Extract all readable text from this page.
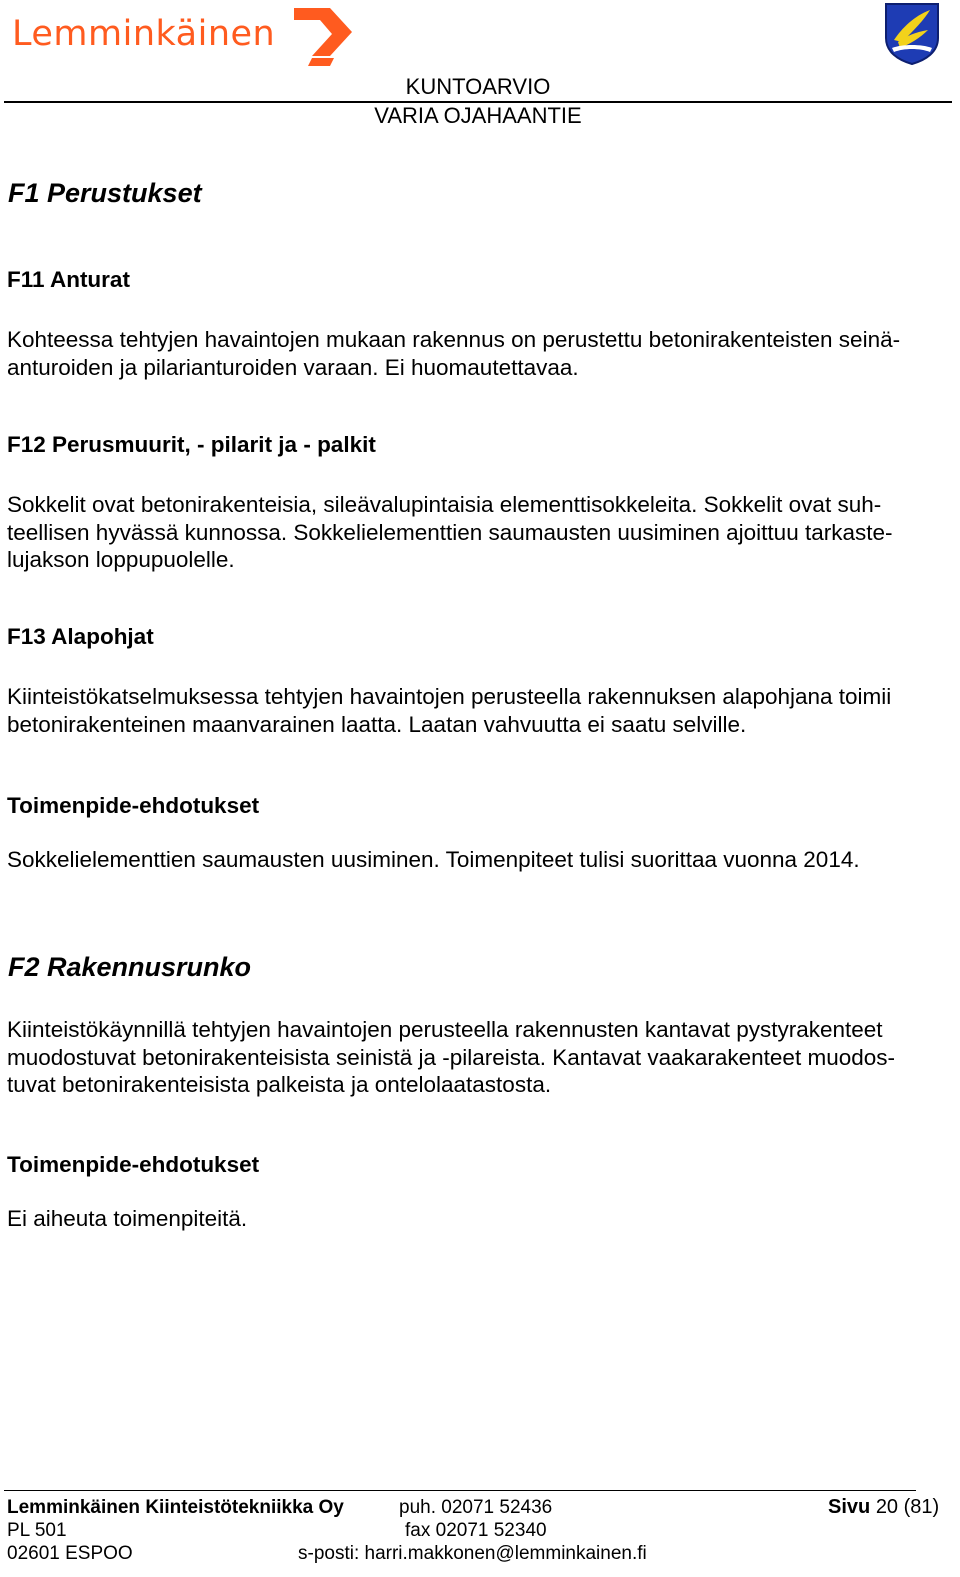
Lemminkäinen
KUNTOARVIO
VARIA OJAHAANTIE
F1 Perustukset
F11 Anturat
Kohteessa tehtyjen havaintojen mukaan rakennus on perustettu betonirakenteisten seinä-
anturoiden ja pilarianturoiden varaan. Ei huomautettavaa.
F12 Perusmuurit, - pilarit ja - palkit
Sokkelit ovat betonirakenteisia, sileävalupintaisia elementtisokkeleita. Sokkelit ovat suh-
teellisen hyvässä kunnossa. Sokkelielementtien saumausten uusiminen ajoittuu tarkaste-
lujakson loppupuolelle.
F13 Alapohjat
Kiinteistökatselmuksessa tehtyjen havaintojen perusteella rakennuksen alapohjana toimii
betonirakenteinen maanvarainen laatta. Laatan vahvuutta ei saatu selville.
Toimenpide-ehdotukset
Sokkelielementtien saumausten uusiminen. Toimenpiteet tulisi suorittaa vuonna 2014.
F2 Rakennusrunko
Kiinteistökäynnillä tehtyjen havaintojen perusteella rakennusten kantavat pystyrakenteet
muodostuvat betonirakenteisista seinistä ja -pilareista. Kantavat vaakarakenteet muodos-
tuvat betonirakenteisista palkeista ja ontelolaatastosta.
Toimenpide-ehdotukset
Ei aiheuta toimenpiteitä.
Lemminkäinen Kiinteistötekniikka Oy
PL 501
02601 ESPOO
puh. 02071 52436
fax 02071 52340
s-posti: harri.makkonen@lemminkainen.fi
Sivu 20 (81)
